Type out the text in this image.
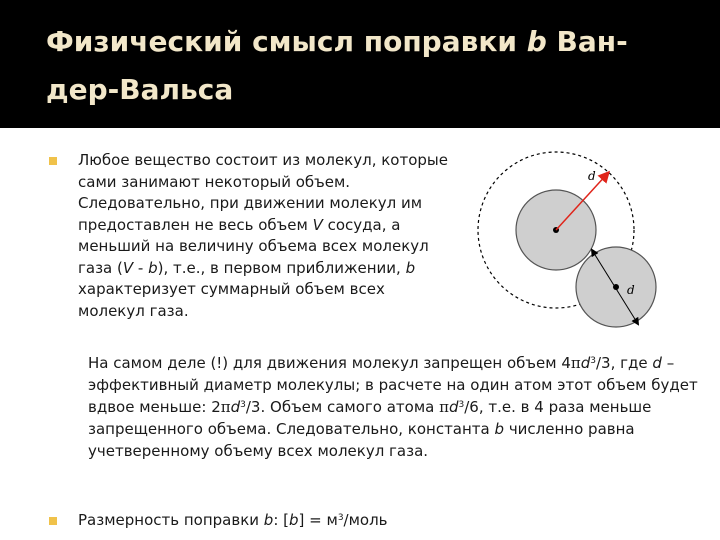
Физический смысл поправки b Ван-дер-Вальса
Любое вещество состоит из молекул, которые сами занимают некоторый объем. Следовательно, при движении молекул им предоставлен не весь объем V сосуда, а меньший на величину объема всех молекул газа (V - b), т.е., в первом приближении, b характеризует суммарный объем всех молекул газа.
d
d
На самом деле (!) для движения молекул запрещен объем $4\pi d^3/3$, где d – эффективный диаметр молекулы; в расчете на один атом этот объем будет вдвое меньше: $2\pi d^3/3$. Объем самого атома $\pi d^3/6$, т.е. в 4 раза меньше запрещенного объема. Следовательно, константа b численно равна учетверенному объему всех молекул газа.
Размерность поправки b: $[b] = м^3$/моль
